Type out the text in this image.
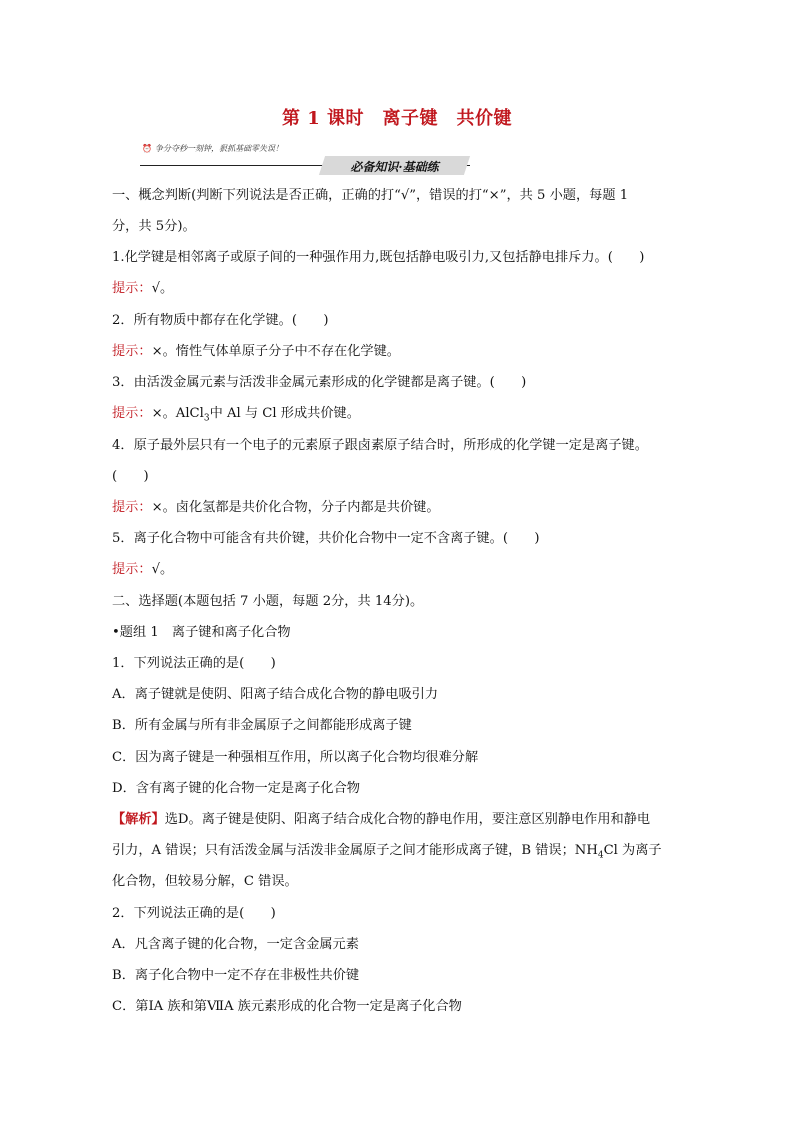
第 1 课时　离子键　共价键
⏰ 争分夺秒一刻钟，狠抓基础零失误！
必备知识·基础练
一、概念判断(判断下列说法是否正确，正确的打“√”，错误的打“×”，共 5 小题，每题 1
分，共 5分)。
1.化学键是相邻离子或原子间的一种强作用力,既包括静电吸引力,又包括静电排斥力。(　　)
提示：√。
2．所有物质中都存在化学键。(　　)
提示：×。惰性气体单原子分子中不存在化学键。
3．由活泼金属元素与活泼非金属元素形成的化学键都是离子键。(　　)
提示：×。AlCl$_3$中 Al 与 Cl 形成共价键。
4．原子最外层只有一个电子的元素原子跟卤素原子结合时，所形成的化学键一定是离子键。
(　　)
提示：×。卤化氢都是共价化合物，分子内都是共价键。
5．离子化合物中可能含有共价键，共价化合物中一定不含离子键。(　　)
提示：√。
二、选择题(本题包括 7 小题，每题 2分，共 14分)。
•题组 1　离子键和离子化合物
1．下列说法正确的是(　　)
A．离子键就是使阴、阳离子结合成化合物的静电吸引力
B．所有金属与所有非金属原子之间都能形成离子键
C．因为离子键是一种强相互作用，所以离子化合物均很难分解
D．含有离子键的化合物一定是离子化合物
【解析】选D。离子键是使阴、阳离子结合成化合物的静电作用，要注意区别静电作用和静电
引力，A 错误；只有活泼金属与活泼非金属原子之间才能形成离子键，B 错误；$NH_4Cl$ 为离子
化合物，但较易分解，C 错误。
2．下列说法正确的是(　　)
A．凡含离子键的化合物，一定含金属元素
B．离子化合物中一定不存在非极性共价键
C．第ⅠA 族和第ⅦA 族元素形成的化合物一定是离子化合物
